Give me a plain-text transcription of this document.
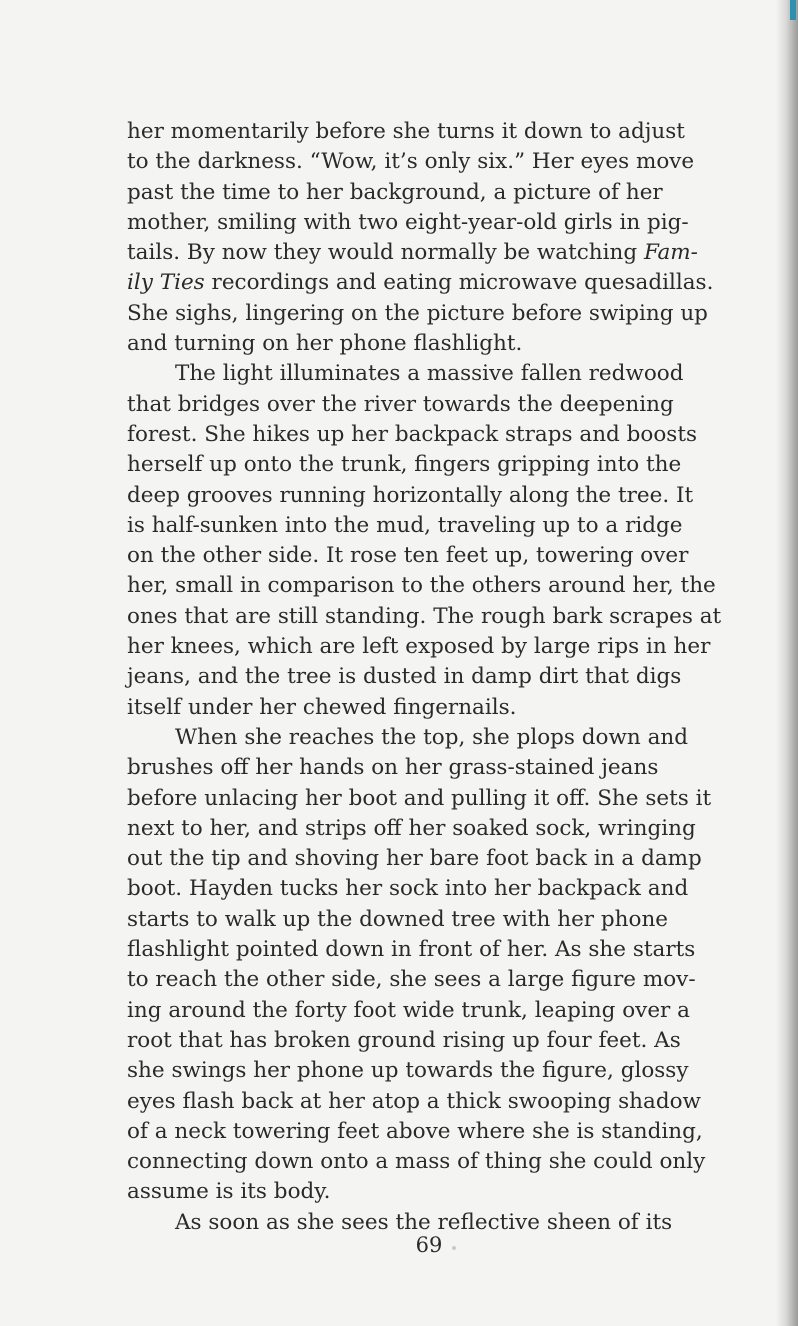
her momentarily before she turns it down to adjust
to the darkness. “Wow, it’s only six.” Her eyes move
past the time to her background, a picture of her
mother, smiling with two eight-year-old girls in pig-
tails. By now they would normally be watching Fam-
ily Ties recordings and eating microwave quesadillas.
She sighs, lingering on the picture before swiping up
and turning on her phone flashlight.
The light illuminates a massive fallen redwood
that bridges over the river towards the deepening
forest. She hikes up her backpack straps and boosts
herself up onto the trunk, fingers gripping into the
deep grooves running horizontally along the tree. It
is half-sunken into the mud, traveling up to a ridge
on the other side. It rose ten feet up, towering over
her, small in comparison to the others around her, the
ones that are still standing. The rough bark scrapes at
her knees, which are left exposed by large rips in her
jeans, and the tree is dusted in damp dirt that digs
itself under her chewed fingernails.
When she reaches the top, she plops down and
brushes off her hands on her grass-stained jeans
before unlacing her boot and pulling it off. She sets it
next to her, and strips off her soaked sock, wringing
out the tip and shoving her bare foot back in a damp
boot. Hayden tucks her sock into her backpack and
starts to walk up the downed tree with her phone
flashlight pointed down in front of her. As she starts
to reach the other side, she sees a large figure mov-
ing around the forty foot wide trunk, leaping over a
root that has broken ground rising up four feet. As
she swings her phone up towards the figure, glossy
eyes flash back at her atop a thick swooping shadow
of a neck towering feet above where she is standing,
connecting down onto a mass of thing she could only
assume is its body.
As soon as she sees the reflective sheen of its
69
